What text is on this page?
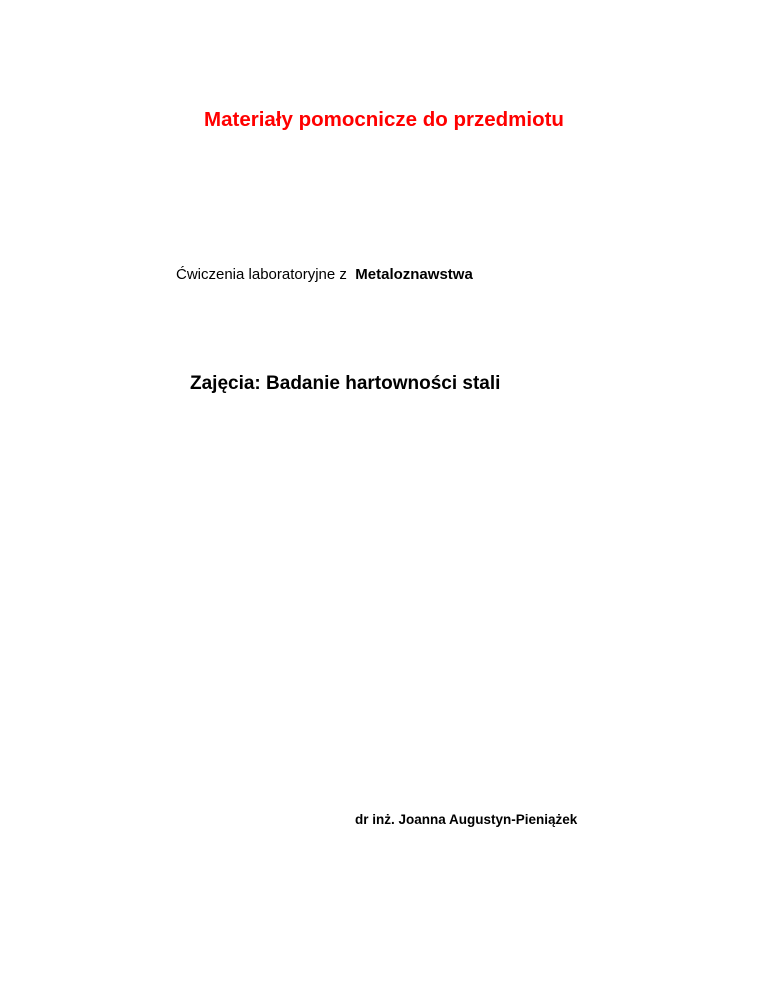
Materiały pomocnicze do przedmiotu
Ćwiczenia laboratoryjne z Metaloznawstwa
Zajęcia: Badanie hartowności stali
dr inż. Joanna Augustyn-Pieniążek
